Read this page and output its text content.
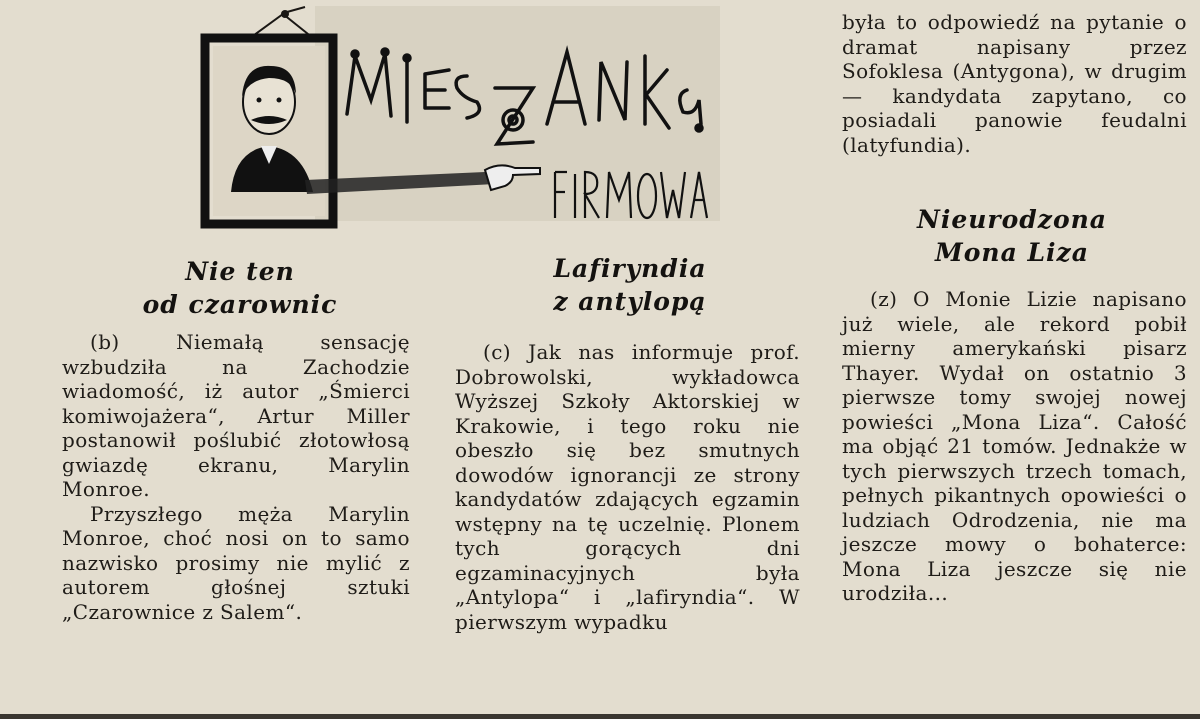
Nie ten
od czarownic

(b) Niemałą sensację wzbudziła na Zachodzie wiadomość, iż autor „Śmierci komiwojażera“, Artur Miller postanowił poślubić złotowłosą gwiazdę ekranu, Marylin Monroe.

Przyszłego męża Marylin Monroe, choć nosi on to samo nazwisko prosimy nie mylić z autorem głośnej sztuki „Czarownice z Salem“.

Lafiryndia
z antylopą

(c) Jak nas informuje prof. Dobrowolski, wykładowca Wyższej Szkoły Aktorskiej w Krakowie, i tego roku nie obeszło się bez smutnych dowodów ignorancji ze strony kandydatów zdających egzamin wstępny na tę uczelnię. Plonem tych gorących dni egzaminacyjnych była „Antylopa“ i „lafiryndia“. W pierwszym wypadku

była to odpowiedź na pytanie o dramat napisany przez Sofoklesa (Antygona), w drugim — kandydata zapytano, co posiadali panowie feudalni (latyfundia).

Nieurodzona
Mona Liza

(z) O Monie Lizie napisano już wiele, ale rekord pobił mierny amerykański pisarz Thayer. Wydał on ostatnio 3 pierwsze tomy swojej nowej powieści „Mona Liza“. Całość ma objąć 21 tomów. Jednakże w tych pierwszych trzech tomach, pełnych pikantnych opowieści o ludziach Odrodzenia, nie ma jeszcze mowy o bohaterce: Mona Liza jeszcze się nie urodziła...
